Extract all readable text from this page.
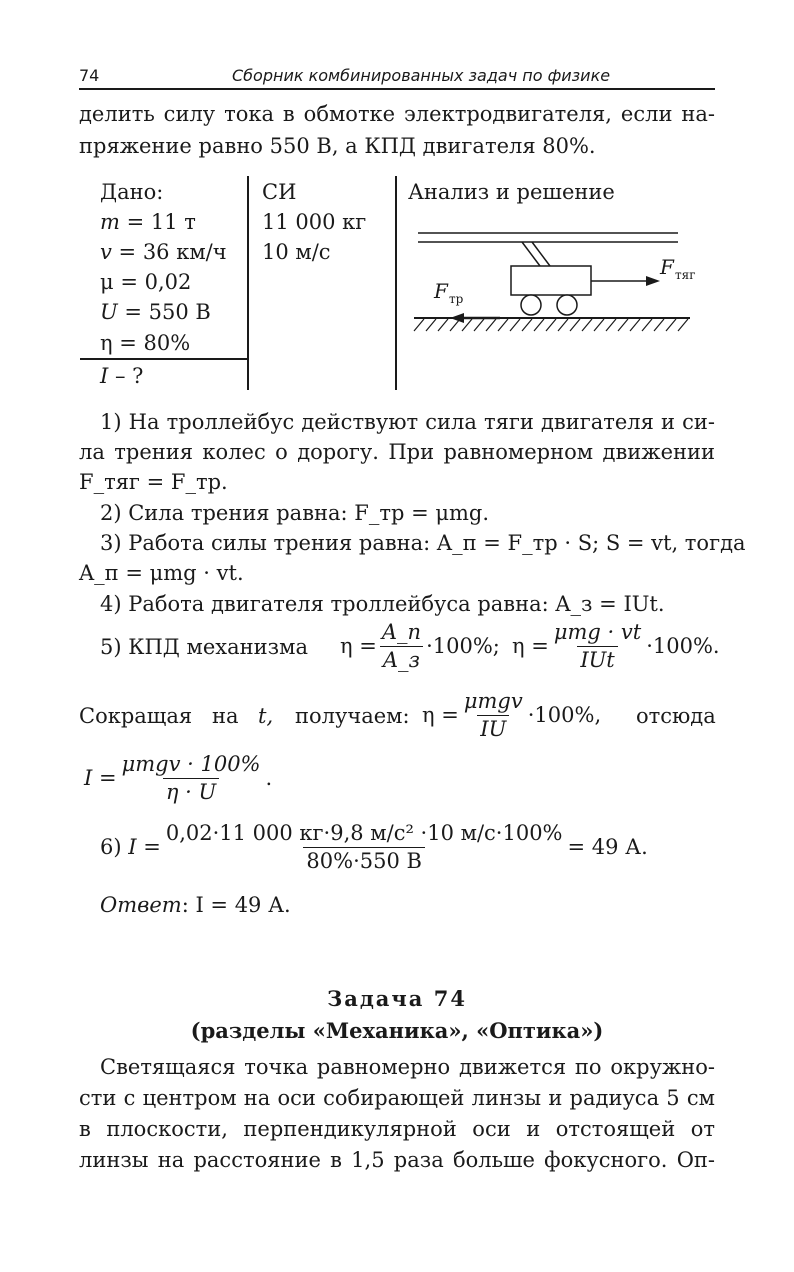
74	Сборник комбинированных задач по физике
делить силу тока в обмотке электродвигателя, если на-
пряжение равно 550 В, а КПД двигателя 80%.
Дано:
m = 11 т
v = 36 км/ч
μ = 0,02
U = 550 В
η = 80%
I – ?
СИ
11 000 кг
10 м/с
Анализ и решение
F тяг
F тр
1) На троллейбус действуют сила тяги двигателя и си-
ла трения колес о дорогу. При равномерном движении
F_тяг = F_тр.
2) Сила трения равна: F_тр = μmg.
3) Работа силы трения равна: A_п = F_тр · S; S = vt, тогда
A_п = μmg · vt.
4) Работа двигателя троллейбуса равна: A_з = IUt.
5) КПД механизма $\eta = \frac{A\_п}{A\_з} \cdot 100\%$; $\eta = \frac{\text{μmg · vt}}{\text{IUt}} \cdot 100\%$.
Сокращая на t, получаем: $\eta = \frac{\text{μmgv}}{IU} \cdot 100\%$, отсюда
$I = \frac{\text{μmgv · 100\%}}{\eta \cdot U}$ .
6)
$I = \frac{\text{0,02·11 000 кг·9,8 м/с² ·10 м/с·100\%}}{80\%\cdot 550 В} = 49$ А.
Ответ: I = 49 А.
Задача 74
(разделы «Механика», «Оптика»)
Светящаяся точка равномерно движется по окружно-
сти с центром на оси собирающей линзы и радиуса 5 см
в плоскости, перпендикулярной оси и отстоящей от
линзы на расстояние в 1,5 раза больше фокусного. Оп-
